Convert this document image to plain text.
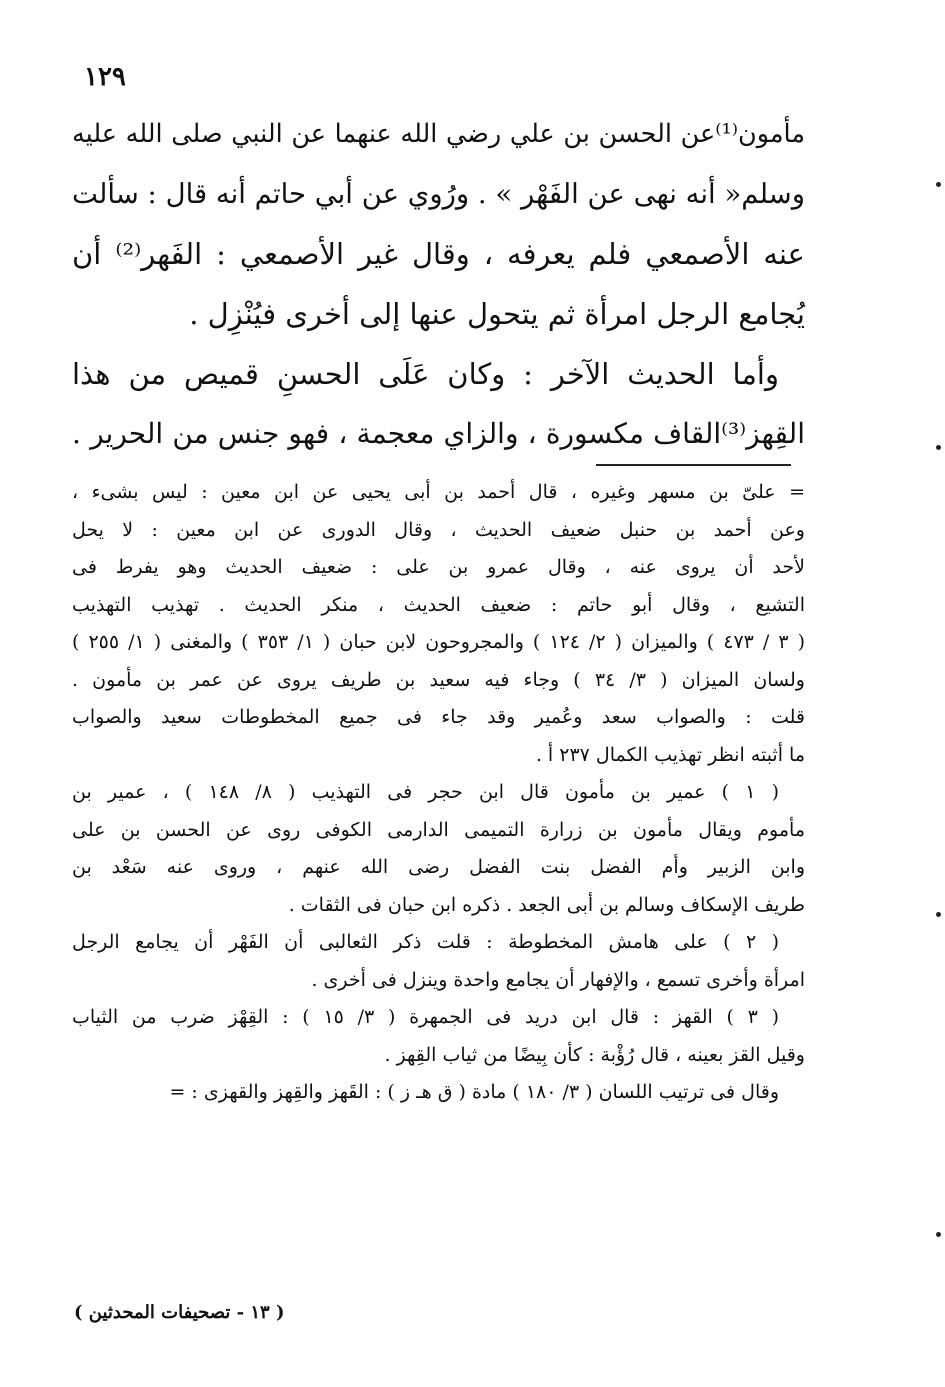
١٢٩
مأمون⁽¹⁾عن الحسن بن علي رضي الله عنهما عن النبي صلى الله عليه
وسلم« أنه نهى عن الفَهْر » . ورُوي عن أبي حاتم أنه قال : سألت
عنه الأصمعي فلم يعرفه ، وقال غير الأصمعي : الفَهر⁽²⁾ أن
يُجامع الرجل امرأة ثم يتحول عنها إلى أخرى فيُنْزِل .
وأما الحديث الآخر : وكان عَلَى الحسنِ قميص من هذا
القِهز⁽³⁾القاف مكسورة ، والزاي معجمة ، فهو جنس من الحرير .
= علىّ بن مسهر وغيره ، قال أحمد بن أبى يحيى عن ابن معين : ليس بشىء ،
وعن أحمد بن حنبل ضعيف الحديث ، وقال الدورى عن ابن معين : لا يحل
لأحد أن يروى عنه ، وقال عمرو بن على : ضعيف الحديث وهو يفرط فى
التشيع ، وقال أبو حاتم : ضعيف الحديث ، منكر الحديث . تهذيب التهذيب
( ٣ / ٤٧٣ ) والميزان ( ٢/ ١٢٤ ) والمجروحون لابن حبان ( ١/ ٣٥٣ ) والمغنى ( ١/ ٢٥٥ )
ولسان الميزان ( ٣/ ٣٤ ) وجاء فيه سعيد بن طريف يروى عن عمر بن مأمون .
قلت : والصواب سعد وعُمير وقد جاء فى جميع المخطوطات سعيد والصواب
ما أثبته انظر تهذيب الكمال ٢٣٧ أ .
( ١ ) عمير بن مأمون قال ابن حجر فى التهذيب ( ٨/ ١٤٨ ) ، عمير بن
مأموم ويقال مأمون بن زرارة التميمى الدارمى الكوفى روى عن الحسن بن على
وابن الزبير وأم الفضل بنت الفضل رضى الله عنهم ، وروى عنه سَعْد بن
طريف الإسكاف وسالم بن أبى الجعد . ذكره ابن حبان فى الثقات .
( ٢ ) على هامش المخطوطة : قلت ذكر الثعالبى أن الفَهْر أن يجامع الرجل
امرأة وأخرى تسمع ، والإفهار أن يجامع واحدة وينزل فى أخرى .
( ٣ ) القهز : قال ابن دريد فى الجمهرة ( ٣/ ١٥ ) : القِهْز ضرب من الثياب
وقيل القز بعينه ، قال رُؤْبة : كأن بِيضًا من ثياب القِهز .
وقال فى ترتيب اللسان ( ٣/ ١٨٠ ) مادة ( ق هـ ز ) : القَهز والقِهز والقهزى : =
( ١٣ - تصحيفات المحدثين )
